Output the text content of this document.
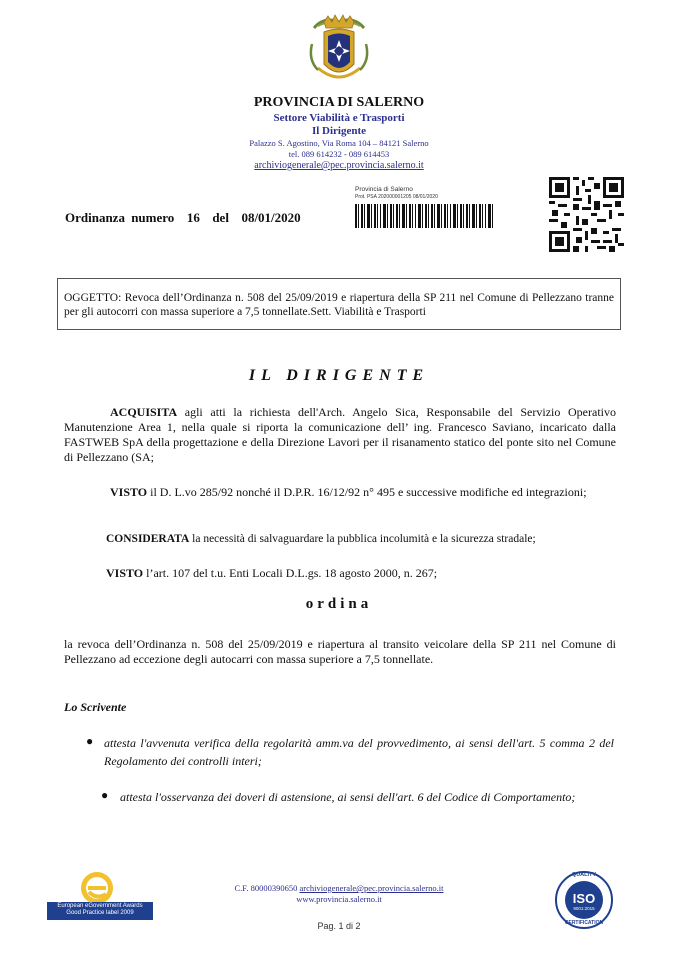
PROVINCIA DI SALERNO
Settore Viabilità e Trasporti
Il Dirigente
Palazzo S. Agostino, Via Roma 104 – 84121 Salerno
tel. 089 614232 - 089 614453
archiviogenerale@pec.provincia.salerno.it
Provincia di Salerno
Prot. PSA 202000001205 08/01/2020
Ordinanza numero 16 del 08/01/2020
OGGETTO: Revoca dell’Ordinanza n. 508 del 25/09/2019 e riapertura della SP 211 nel Comune di Pellezzano tranne per gli autocorri con massa superiore a 7,5 tonnellate.Sett. Viabilità e Trasporti
IL DIRIGENTE
ACQUISITA agli atti la richiesta dell'Arch. Angelo Sica, Responsabile del Servizio Operativo Manutenzione Area 1, nella quale si riporta la comunicazione dell’ ing. Francesco Saviano, incaricato dalla FASTWEB SpA della progettazione e della Direzione Lavori per il risanamento statico del ponte sito nel Comune di Pellezzano (SA;
VISTO il D. L.vo 285/92 nonché il D.P.R. 16/12/92 n° 495 e successive modifiche ed integrazioni;
CONSIDERATA la necessità di salvaguardare la pubblica incolumità e la sicurezza stradale;
VISTO l’art. 107 del t.u. Enti Locali D.L.gs. 18 agosto 2000, n. 267;
ordina
la revoca dell’Ordinanza n. 508 del 25/09/2019 e riapertura al transito veicolare della SP 211 nel Comune di Pellezzano ad eccezione degli autocarri con massa superiore a 7,5 tonnellate.
Lo Scrivente
● attesta l'avvenuta verifica della regolarità amm.va del provvedimento, ai sensi dell'art. 5 comma 2 del Regolamento dei controlli interi;
● attesta l'osservanza dei doveri di astensione, ai sensi dell'art. 6 del Codice di Comportamento;
European eGovernment Awards
Good Practice label 2009
C.F. 80000390650 archiviogenerale@pec.provincia.salerno.it
www.provincia.salerno.it
Pag. 1 di 2
QUALITY
ISO
9001:2015
CERTIFICATION
